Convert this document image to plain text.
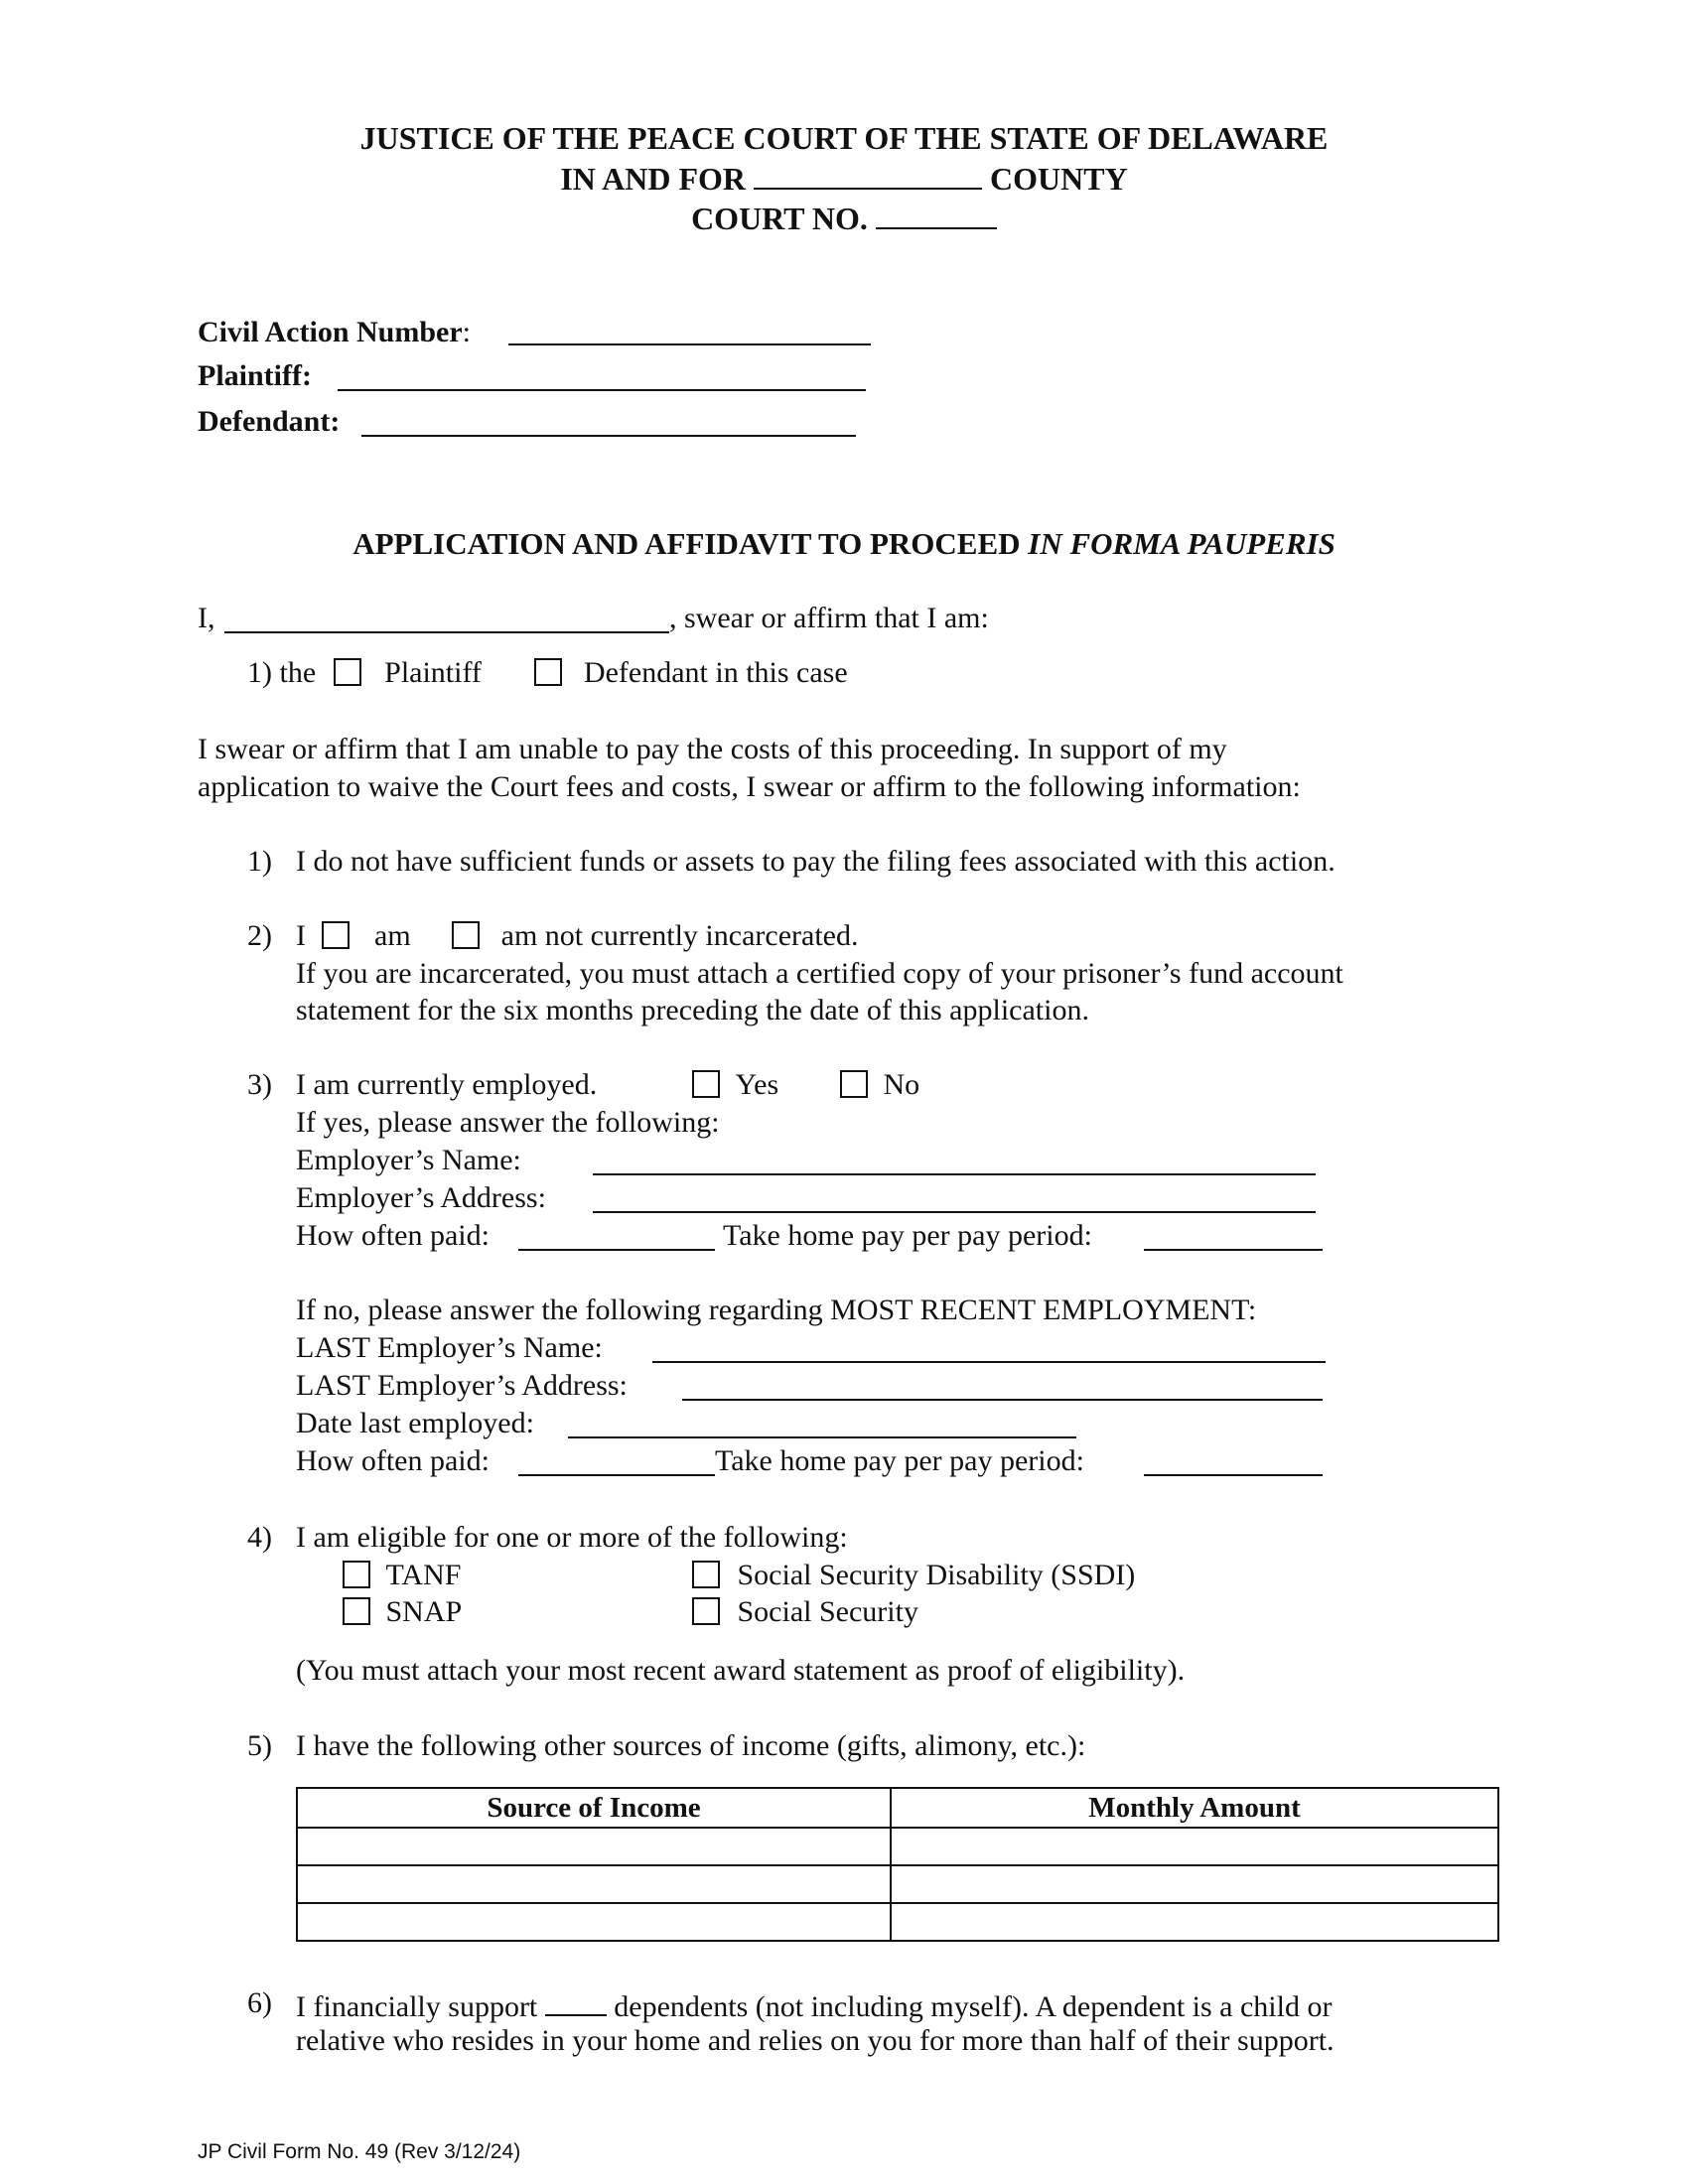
JUSTICE OF THE PEACE COURT OF THE STATE OF DELAWARE
IN AND FOR	COUNTY
COURT NO.
Civil Action Number:
Plaintiff:
Defendant:
APPLICATION AND AFFIDAVIT TO PROCEED IN FORMA PAUPERIS
I,	, swear or affirm that I am:
1) the Plaintiff	Defendant in this case
I swear or affirm that I am unable to pay the costs of this proceeding. In support of my
application to waive the Court fees and costs, I swear or affirm to the following information:
1) I do not have sufficient funds or assets to pay the filing fees associated with this action.
2) I am	am not currently incarcerated.
If you are incarcerated, you must attach a certified copy of your prisoner’s fund account
statement for the six months preceding the date of this application.
3) I am currently employed.	Yes	No
If yes, please answer the following:
Employer’s Name:
Employer’s Address:
How often paid:	Take home pay per pay period:
If no, please answer the following regarding MOST RECENT EMPLOYMENT:
LAST Employer’s Name:
LAST Employer’s Address:
Date last employed:
How often paid:	Take home pay per pay period:
4) I am eligible for one or more of the following:
TANF
SNAP
Social Security Disability (SSDI)
Social Security
(You must attach your most recent award statement as proof of eligibility).
5) I have the following other sources of income (gifts, alimony, etc.):
Source of Income	Monthly Amount

6) I financially support	dependents (not including myself). A dependent is a child or
relative who resides in your home and relies on you for more than half of their support.
JP Civil Form No. 49 (Rev 3/12/24)
